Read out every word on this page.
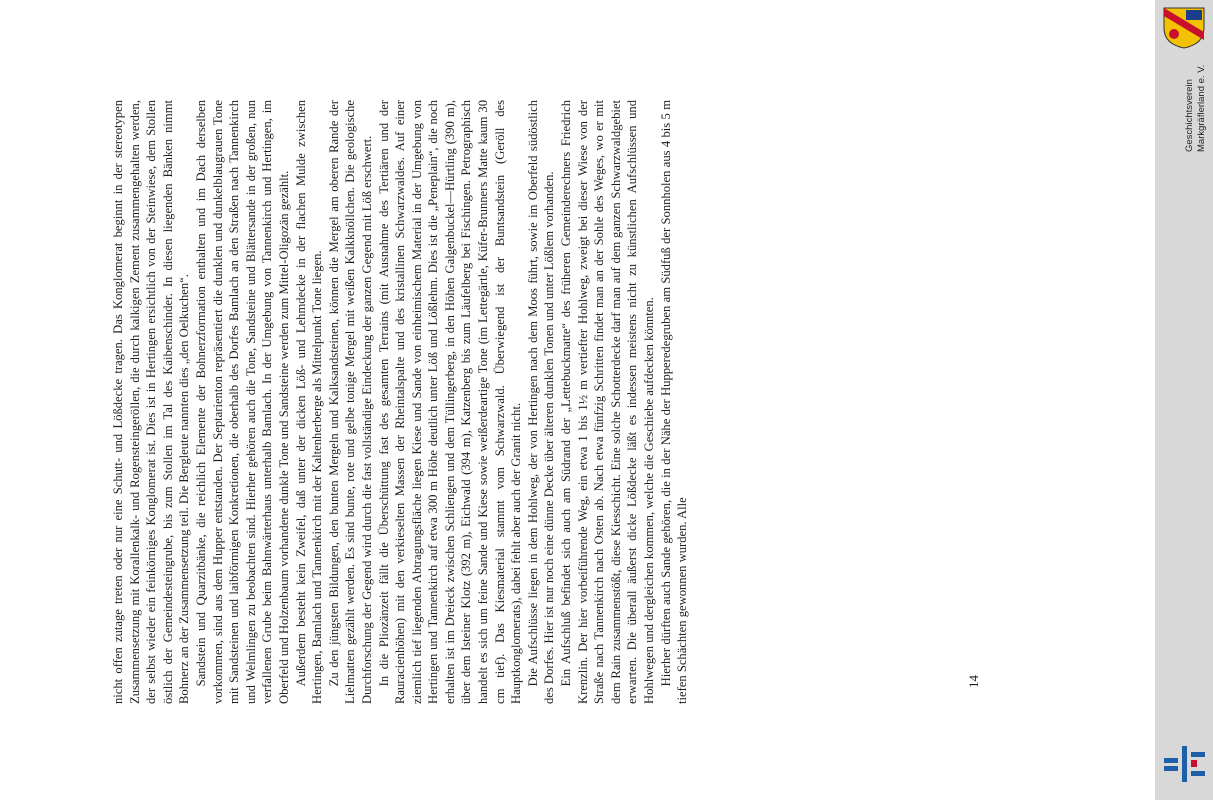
nicht offen zutage treten oder nur eine Schutt- und Lößdecke tragen. Das Konglomerat beginnt in der stereotypen Zusammensetzung mit Korallenkalk- und Rogensteingeröllen, die durch kalkigen Zement zusammengehalten werden, der selbst wieder ein feinkörniges Konglomerat ist. Dies ist in Hertingen ersichtlich von der Steinwiese, dem Stollen östlich der Gemeindesteingrube, bis zum Stollen im Tal des Kaibenschinder. In diesen liegenden Bänken nimmt Bohnerz an der Zusammensetzung teil. Die Bergleute nannten dies „den Oelkuchen“. Sandstein und Quarzitbänke, die reichlich Elemente der Bohnerzformation enthalten und im Dach derselben vorkommen, sind aus dem Hupper entstanden. Der Septarienton repräsentiert die dunklen und dunkelblaugrauen Tone mit Sandsteinen und laibförmigen Konkretionen, die oberhalb des Dorfes Bamlach an den Straßen nach Tannenkirch und Welmlingen zu beobachten sind. Hierher gehören auch die Tone, Sandsteine und Blättersande in der großen, nun verfallenen Grube beim Bahnwärterhaus unterhalb Bamlach. In der Umgebung von Tannenkirch und Hertingen, im Oberfeld und Holzenbaum vorhandene dunkle Tone und Sandsteine werden zum Mittel-Oligozän gezählt. Außerdem besteht kein Zweifel, daß unter der dicken Löß- und Lehmdecke in der flachen Mulde zwischen Hertingen, Bamlach und Tannenkirch mit der Kaltenherberge als Mittelpunkt Tone liegen. Zu den jüngsten Bildungen, den bunten Mergeln und Kalksandsteinen, können die Mergel am oberen Rande der Lielmatten gezählt werden. Es sind bunte, rote und gelbe tonige Mergel mit weißen Kalkknöllchen. Die geologische Durchforschung der Gegend wird durch die fast vollständige Eindeckung der ganzen Gegend mit Löß erschwert. In die Pliozänzeit fällt die Überschüttung fast des gesamten Terrains (mit Ausnahme des Tertiären und der Rauracienhöhen) mit den verkieselten Massen der Rheintalspalte und des kristallinen Schwarzwaldes. Auf einer ziemlich tief liegenden Abtragungsfläche liegen Kiese und Sande von einheimischem Material in der Umgebung von Hertingen und Tannenkirch auf etwa 300 m Höhe deutlich unter Löß und Lößlehm. Dies ist die „Peneplain“, die noch erhalten ist im Dreieck zwischen Schliengen und dem Tüllingerberg, in den Höhen Galgenbuckel—Hürtling (390 m), über dem Isteiner Klotz (392 m), Eichwald (394 m), Katzenberg bis zum Läufelberg bei Fischingen. Petrographisch handelt es sich um feine Sande und Kiese sowie weißerdeartige Tone (im Lettegärtle, Küfer-Brunners Matte kaum 30 cm tief). Das Kiesmaterial stammt vom Schwarzwald. Überwiegend ist der Buntsandstein (Geröll des Hauptkonglomerats), dabei fehlt aber auch der Granit nicht. Die Aufschlüsse liegen in dem Hohlweg, der von Hertingen nach dem Moos führt, sowie im Oberfeld südöstlich des Dorfes. Hier ist nur noch eine dünne Decke über älteren dunklen Tonen und unter Lößlem vorhanden. Ein Aufschluß befindet sich auch am Südrand der „Lettebuckmatte“ des früheren Gemeinderechners Friedrich Krenzlin. Der hier vorbeiführende Weg, ein etwa 1 bis 1½ m vertiefter Hohlweg, zweigt bei dieser Wiese von der Straße nach Tannenkirch nach Osten ab. Nach etwa fünfzig Schritten findet man an der Sohle des Weges, wo er mit dem Rain zusammenstößt, diese Kiesschicht. Eine solche Schotterdecke darf man auf dem ganzen Schwarzwaldgebiet erwarten. Die überall äußerst dicke Lößdecke läßt es indessen meistens nicht zu künstlichen Aufschlüssen und Hohlwegen und dergleichen kommen, welche die Geschiebe aufdecken könnten. Hierher dürften auch Sande gehören, die in der Nähe der Hupperedegruben am Südfuß der Sonnholen aus 4 bis 5 m tiefen Schächten gewonnen wurden. Alle	14
Geschichtsverein Markgräflerland e. V.
